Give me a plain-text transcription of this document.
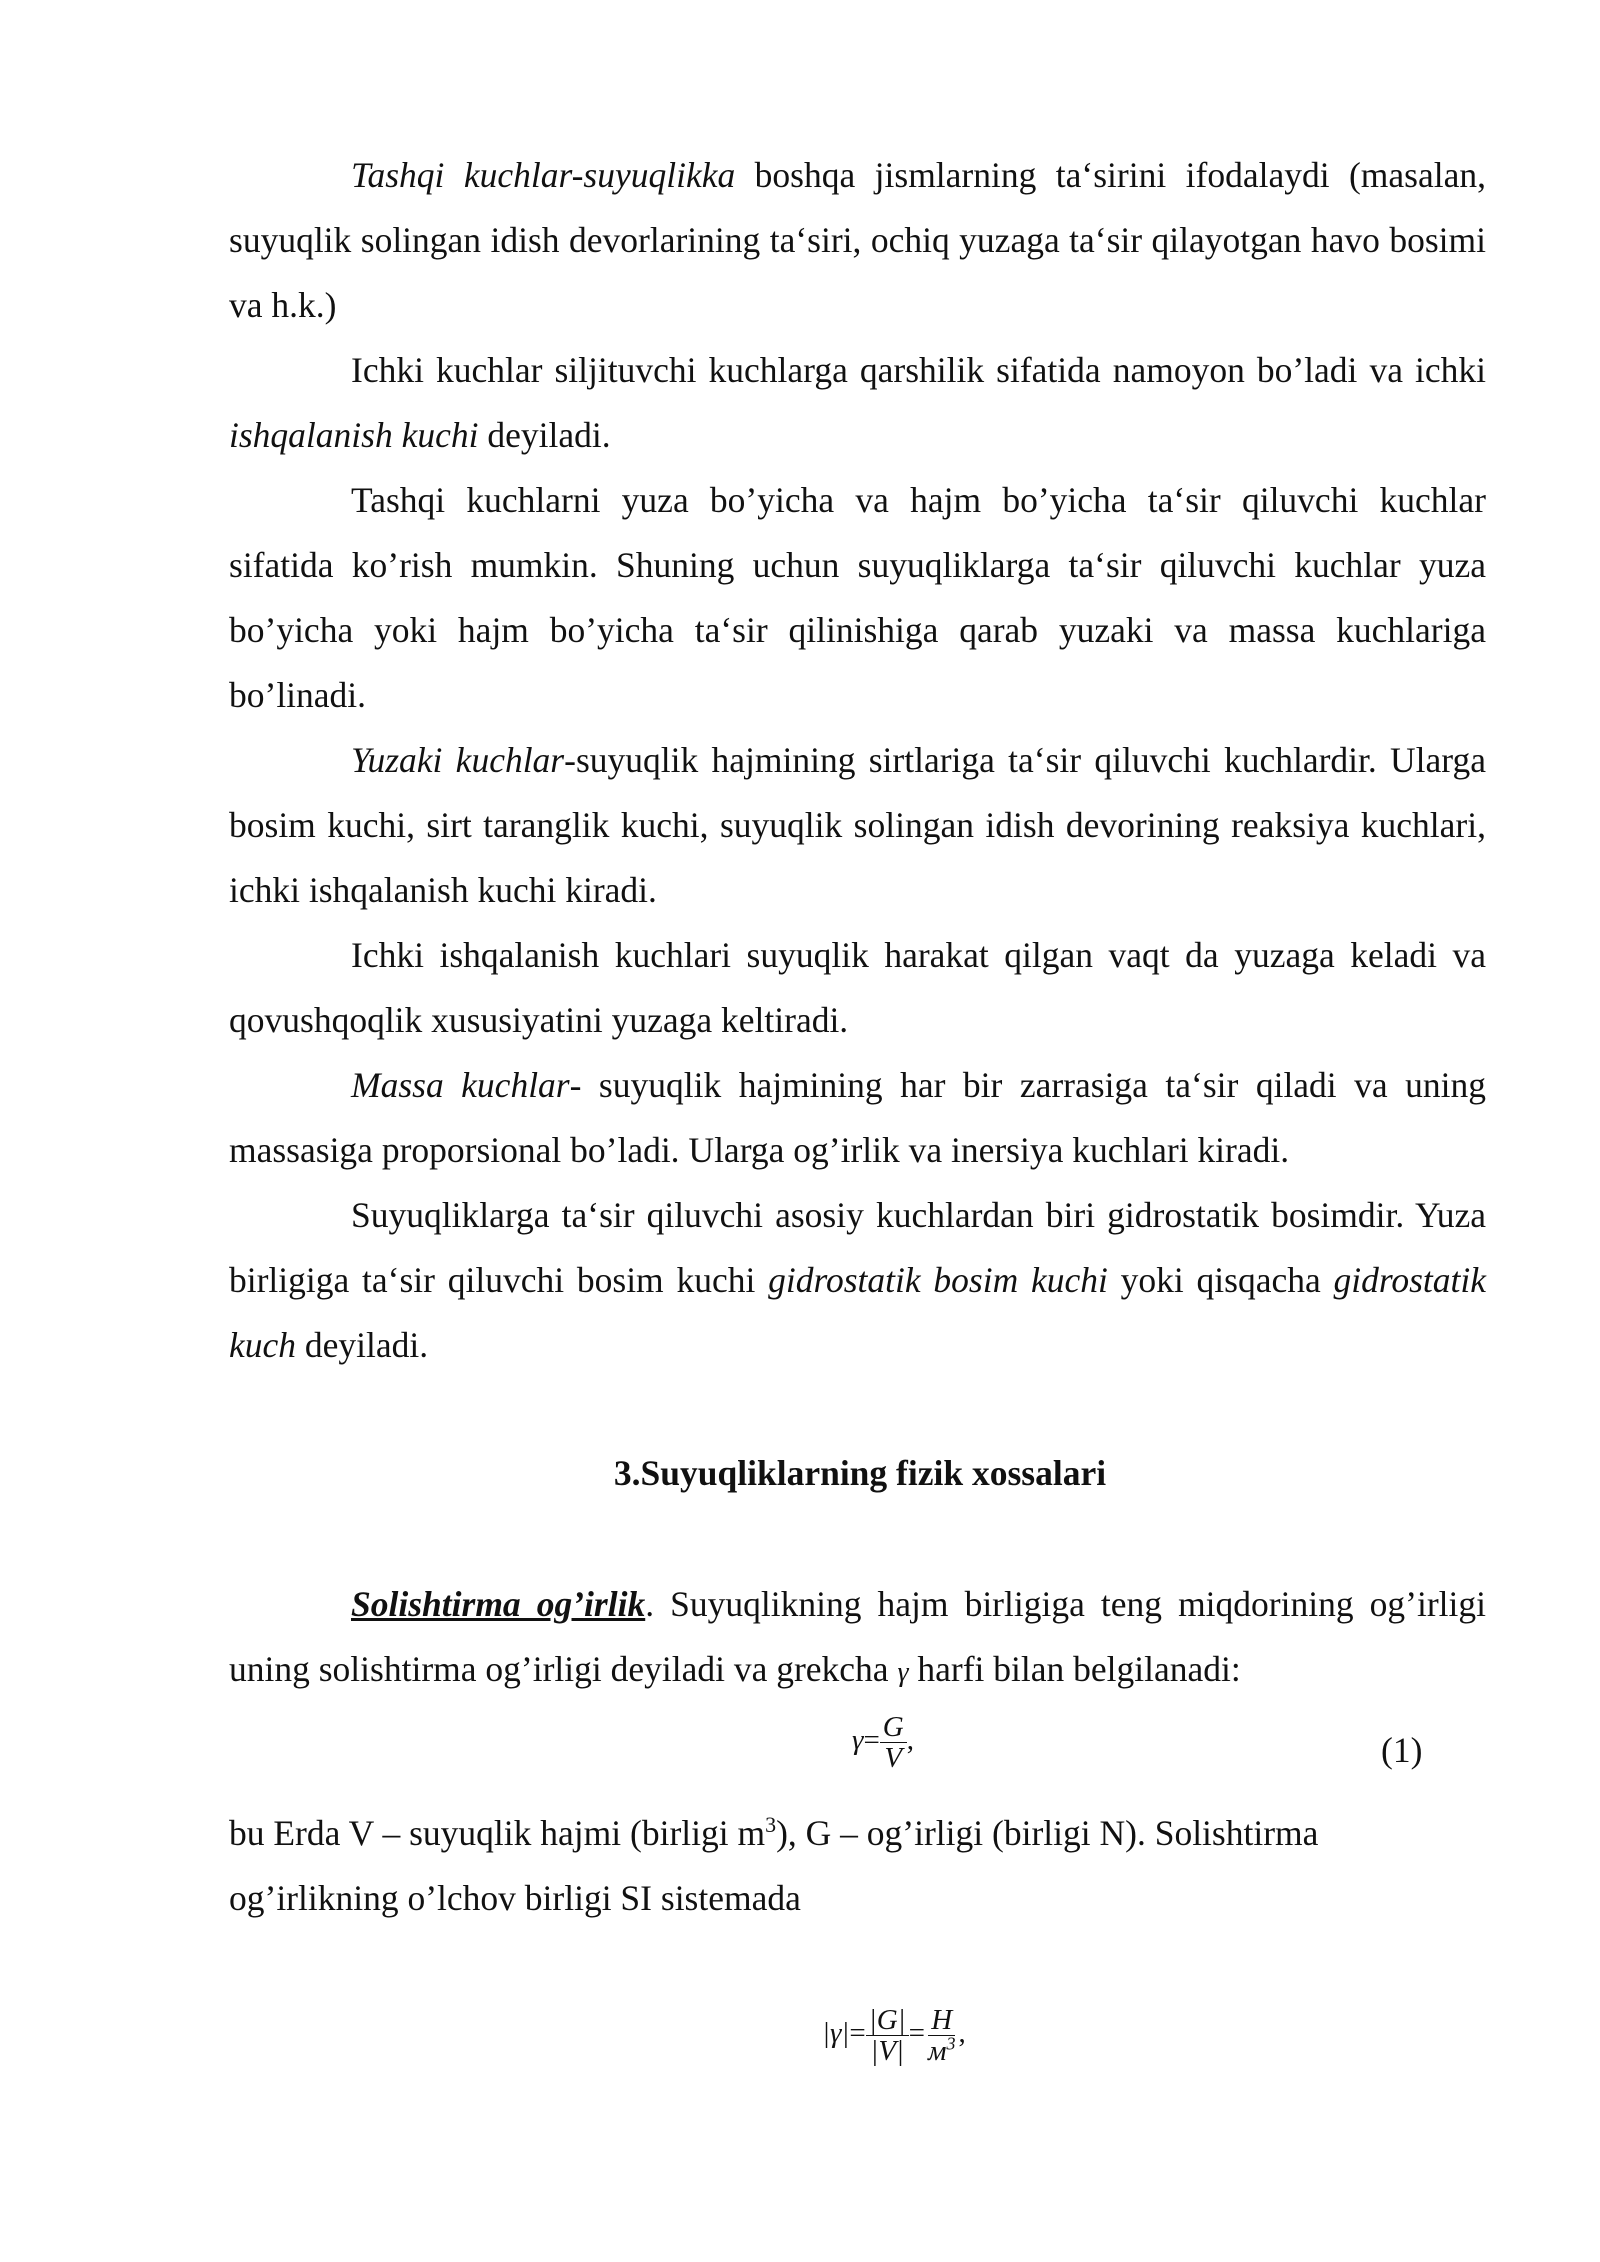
Tashqi kuchlar-suyuqlikka boshqa jismlarning ta‘sirini ifodalaydi (masalan, suyuqlik solingan idish devorlarining ta‘siri, ochiq yuzaga ta‘sir qilayotgan havo bosimi va h.k.)

Ichki kuchlar siljituvchi kuchlarga qarshilik sifatida namoyon bo’ladi va ichki ishqalanish kuchi deyiladi.

Tashqi kuchlarni yuza bo’yicha va hajm bo’yicha ta‘sir qiluvchi kuchlar sifatida ko’rish mumkin. Shuning uchun suyuqliklarga ta‘sir qiluvchi kuchlar yuza bo’yicha yoki hajm bo’yicha ta‘sir qilinishiga qarab yuzaki va massa kuchlariga bo’linadi.

Yuzaki kuchlar-suyuqlik hajmining sirtlariga ta‘sir qiluvchi kuchlardir. Ularga bosim kuchi, sirt taranglik kuchi, suyuqlik solingan idish devorining reaksiya kuchlari, ichki ishqalanish kuchi kiradi.

Ichki ishqalanish kuchlari suyuqlik harakat qilgan vaqt da yuzaga keladi va qovushqoqlik xususiyatini yuzaga keltiradi.

Massa kuchlar- suyuqlik hajmining har bir zarrasiga ta‘sir qiladi va uning massasiga proporsional bo’ladi. Ularga og’irlik va inersiya kuchlari kiradi.

Suyuqliklarga ta‘sir qiluvchi asosiy kuchlardan biri gidrostatik bosimdir. Yuza birligiga ta‘sir qiluvchi bosim kuchi gidrostatik bosim kuchi yoki qisqacha gidrostatik kuch deyiladi.

3.Suyuqliklarning fizik xossalari

Solishtirma og’irlik. Suyuqlikning hajm birligiga teng miqdorining og’irligi uning solishtirma og’irligi deyiladi va grekcha γ harfi bilan belgilanadi:

$\gamma= \frac{G}{V}$ ,	(1)

bu Erda V – suyuqlik hajmi (birligi $m^3$), G – og’irligi (birligi N). Solishtirma og’irlikning o’lchov birligi SI sistemada

$|\gamma|= \frac{|G|}{|V|} = \frac{H}{м^3}$ ,
